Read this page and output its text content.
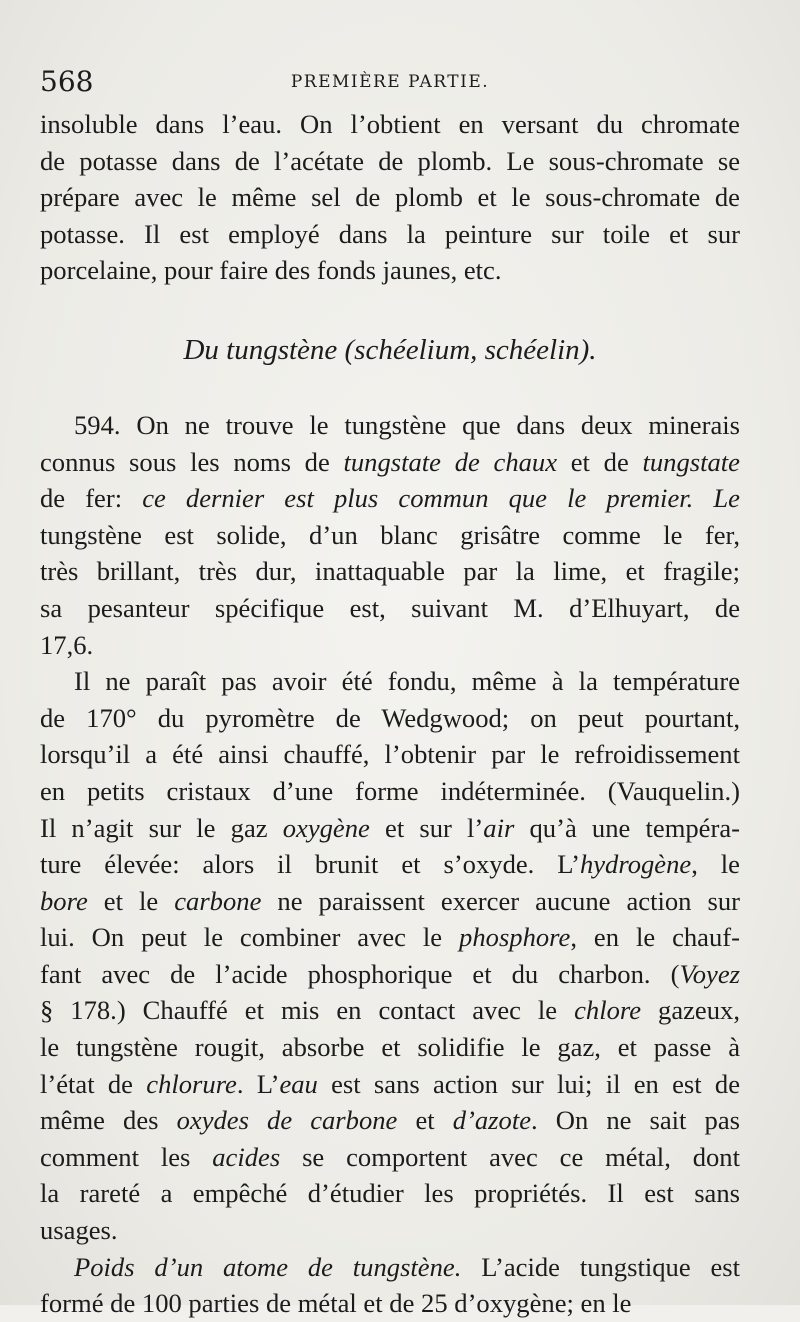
568	PREMIÈRE PARTIE.

insoluble dans l’eau. On l’obtient en versant du chromate

de potasse dans de l’acétate de plomb. Le sous-chromate se

prépare avec le même sel de plomb et le sous-chromate de

potasse. Il est employé dans la peinture sur toile et sur

porcelaine, pour faire des fonds jaunes, etc.

Du tungstène (schéelium, schéelin).

594. On ne trouve le tungstène que dans deux minerais

connus sous les noms de tungstate de chaux et de tungstate

de fer: ce dernier est plus commun que le premier. Le

tungstène est solide, d’un blanc grisâtre comme le fer,

très brillant, très dur, inattaquable par la lime, et fragile;

sa pesanteur spécifique est, suivant M. d’Elhuyart, de

17,6.

Il ne paraît pas avoir été fondu, même à la température

de 170° du pyromètre de Wedgwood; on peut pourtant,

lorsqu’il a été ainsi chauffé, l’obtenir par le refroidissement

en petits cristaux d’une forme indéterminée. (Vauquelin.)

Il n’agit sur le gaz oxygène et sur l’air qu’à une tempéra-

ture élevée: alors il brunit et s’oxyde. L’hydrogène, le

bore et le carbone ne paraissent exercer aucune action sur

lui. On peut le combiner avec le phosphore, en le chauf-

fant avec de l’acide phosphorique et du charbon. (Voyez

§ 178.) Chauffé et mis en contact avec le chlore gazeux,

le tungstène rougit, absorbe et solidifie le gaz, et passe à

l’état de chlorure. L’eau est sans action sur lui; il en est de

même des oxydes de carbone et d’azote. On ne sait pas

comment les acides se comportent avec ce métal, dont

la rareté a empêché d’étudier les propriétés. Il est sans

usages.

Poids d’un atome de tungstène. L’acide tungstique est

formé de 100 parties de métal et de 25 d’oxygène; en le
